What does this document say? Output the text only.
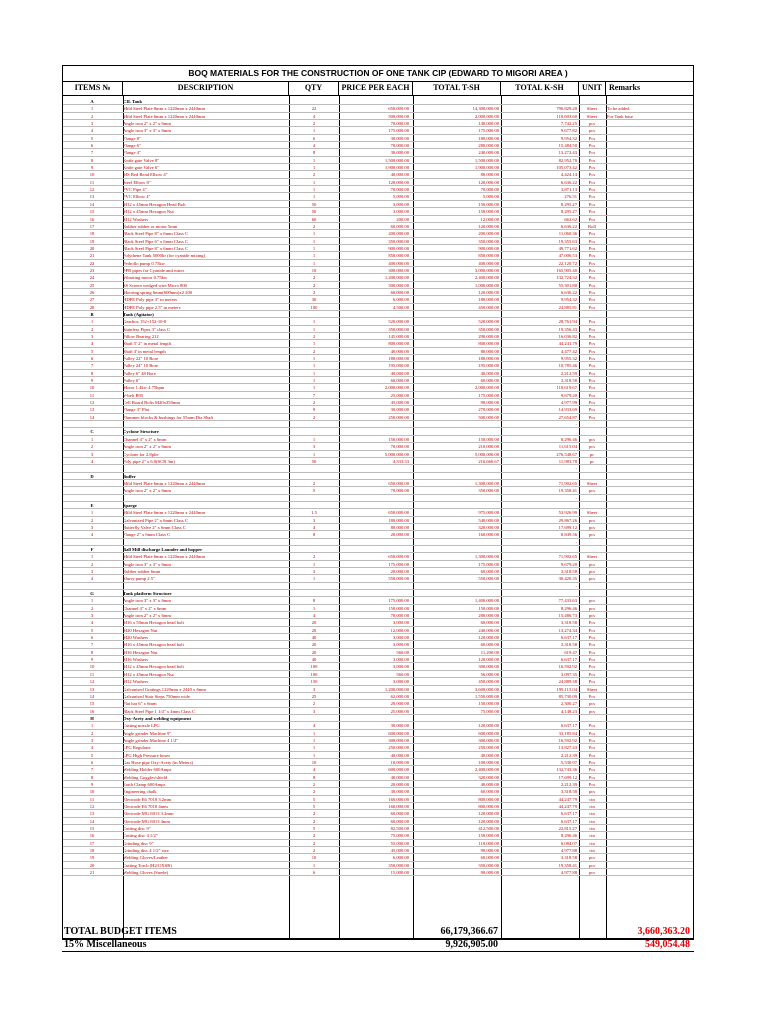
BOQ MATERIALS FOR THE CONSTRUCTION OF ONE TANK CIP (EDWARD TO MIGORI AREA )
ITEMS №	DESCRIPTION	QTY	PRICE PER EACH	TOTAL T-SH	TOTAL K-SH	UNIT Remarks
A	CIL Tank
1	Mild Steel Plate 8mm x 1220mm x 2440mm	22	650,000.00	14,300,000.00	790,829.20	Sheet	To be added
2	Mild Steel Plate 6mm x 1220mm x 2440mm	4	500,000.00	2,000,000.00	110,603.60	Sheet	For Tank base
3	Angle iron 2" x 2" x 6mm	2	70,000.00	140,000.00	7,742.25	pcs
4	Angle iron 3" x 3" x 6mm	1	175,000.00	175,000.00	9,677.82	pcs
5	Flange 8"	6	30,000.00	180,000.00	9,954.32	Pcs
6	Flange 6"	4	70,000.00	280,000.00	15,484.50	Pcs
7	Flange 4"	8	30,000.00	240,000.00	13,272.43	Pcs
8	Knife gate Valve 8"	1	1,500,000.00	1,500,000.00	82,952.70	Pcs
9	Knife gate Valve 6"	1	1,900,000.00	1,900,000.00	105,073.42	Pcs
10	MS Bed Bend Elbow 4"	2	40,000.00	80,000.00	4,424.14	Pcs
11	Steel Elbow 8"	1	120,000.00	120,000.00	6,636.22	Pcs
12	PVC Pipe 4"	1	70,000.00	70,000.00	3,871.13	Pcs
13	PVC Elbow 4"	1	5,000.00	5,000.00	276.51	Pcs
14	M12 x 45mm Hexagon Head Bolt	50	3,000.00	150,000.00	8,295.27	Pcs
15	M12 x 45mm Hexagon Nut	50	3,000.00	150,000.00	8,295.27	Pcs
16	M12 Washers	60	200.00	12,000.00	663.62	Pcs
17	Rubber rubber or motor 5mm	2	60,000.00	120,000.00	6,636.22	Roll
18	Black Steel Pipe 8" x 6mm Class C	1	200,000.00	200,000.00	11,060.36	Pcs
19	Black Steel Pipe 6" x 6mm Class C	1	350,000.00	350,000.00	19,355.63	Pcs
20	Black Steel Pipe 8" x 6mm Class C	1	900,000.00	900,000.00	49,771.62	Pcs
21	Polythene Tank 5000ltr (for cyanide mixing)	1	850,000.00	850,000.00	47,006.53	Pcs
22	Pedrollo pump 0.75kw	1	400,000.00	400,000.00	22,120.72	Pcs
23	PPR pipes for Cyanide and water	10	300,000.00	3,000,000.00	165,905.40	Pcs
24	Vibrating motor 0.75kw	2	1,200,000.00	2,400,000.00	132,724.32	Pcs
25	SS Screen wedged wire Micro 800	2	500,000.00	1,000,000.00	55,301.80	Pcs
26	Mooring spring 6mm(600mm)x2 200	2	60,000.00	120,000.00	6,636.22	Pcs
27	HDPE Poly pipe 3" in meters	30	6,000.00	180,000.00	9,954.32	Pcs
28	HDPE Poly pipe 2.5" in meters	100	4,500.00	450,000.00	24,885.81	Pcs
B	Tank (Agitator)
1	Gearbox 152+152-10-8	1	520,000.00	520,000.00	28,761.94	Pcs
2	Stainless Pipes 3" class C	1	350,000.00	350,000.00	19,356.43	Pcs
3	Pillow Bearing 212	2	145,000.00	290,000.00	16,036.82	Pcs
4	Shaft 5' 2" in metal length	1	800,000.00	800,000.00	44,241.79	Pcs
5	Shaft 3' in metal length	2	40,000.00	80,000.00	4,477.42	Pcs
6	Pulley 22" 10 Bore	1	180,000.00	180,000.00	9,955.32	Pcs
7	Pulley 24" 10 Bore	1	195,000.00	195,000.00	10,785.46	Pcs
8	Pulley 6" 48 Bore	1	40,000.00	40,000.00	2,212.59	Pcs
9	Pulley 6"	1	60,000.00	60,000.00	3,318.58	Pcs
10	Motor 1.4kw 4.75hpm	1	2,000,000.00	2,000,000.00	110,619.67	Pcs
11	V-belt B95	7	25,000.00	175,000.00	9,679.20	Pcs
12	Cell Board Bolts M20x350mm	2	45,000.00	90,000.00	4,977.99	Pcs
13	Flange 3" Plat	9	30,000.00	270,000.00	14,933.69	Pcs
14	Plummer blocks & bushings for 55mm Dia Shaft	2	250,000.00	500,000.00	27,654.87	Pcs
-
C	Cyclone Structure
1	Channel 4" x 2" x 6mm	1	150,000.00	150,000.00	8,296.46	pcs
2	Angle iron 2" x 2" x 6mm	3	70,000.00	210,000.00	11,615.04	pcs
3	Cyclone for 2.8plie	1	5,000,000.00	5,000,000.00	276,548.67	pc
4	Poly pipe 2" x 6.0(SCR 3m)	50	4,333.33	216,666.67	11,983.78	pc
-
D	Buffer
Mild Steel Plate 6mm x 1220mm x 2440mm	2	650,000.00	1,300,000.00	71,902.65	Sheet
Angle iron 2" x 2" x 6mm	5	70,000.00	350,000.00	19,358.41	pcs
-
E	Sparge
1	Mild Steel Plate 6mm x 1220mm x 2440mm	1.5	650,000.00	975,000.00	53,926.99	Sheet
2	Galvanized Pipe 2" x 6mm Class C	3	180,000.00	540,000.00	29,867.26	pcs
3	Butterfly Valve 2" x 6mm Class C	4	80,000.00	320,000.00	17,699.12	pcs
4	Flange 2" x 6mm Class C	8	20,000.00	160,000.00	8,849.56	pcs
-
F	Ball Mill discharge Launder and hopper
1	Mild Steel Plate 6mm x 1220mm x 2440mm	2	650,000.00	1,300,000.00	71,902.65	Sheet
2	Angle iron 3" x 3" x 6mm	1	175,000.00	175,000.00	9,679.20	pcs
3	Rubber rubber 6mm	3	20,000.00	60,000.00	3,318.58	pcs
4	Slurry pump 2.5"	1	550,000.00	550,000.00	30,420.35	pcs
-
G	Tank platform Structure
1	Angle iron 3" x 3" x 6mm	8	175,000.00	1,400,000.00	77,433.63	pcs
2	Channel 4" x 2" x 6mm	1	150,000.00	150,000.00	8,296.46	pcs
3	Angle iron 2" x 2" x 6mm	4	70,000.00	280,000.00	15,486.73	pcs
4	M16 x 50mm Hexagon head bolt	20	3,000.00	60,000.00	3,318.58	Pcs
5	M20 Hexagon Nut	20	12,000.00	240,000.00	13,274.34	Pcs
6	M20 Washers	40	3,000.00	120,000.00	6,637.17	Pcs
7	M16 x 45mm Hexagon head bolt	20	3,000.00	60,000.00	3,318.58	Pcs
8	M16 Hexagon Nut	20	560.00	11,200.00	619.47	Pcs
9	M16 Washers	40	3,000.00	120,000.00	6,637.17	Pcs
10	M12 x 45mm Hexagon head bolt	100	3,000.00	300,000.00	16,592.92	Pcs
11	M12 x 45mm Hexagon Nut	100	560.00	56,000.00	3,097.35	Pcs
12	M12 Washers	150	3,000.00	450,000.00	24,889.38	Pcs
13	Galvanised Gratings 1220mm x 2440 x 6mm	3	1,200,000.00	3,600,000.00	199,115.04	Sheet
14	Galvanised Stair Steps 750mm wide	25	62,000.00	1,550,000.00	85,730.09	Pcs
15	Flat bar 6" x 6mm	2	20,000.00	150,000.00	2,300.27	pcs
16	Black Steel Pipe 1 1/4" x 4mm Class C	3	25,000.00	75,000.00	4,148.23	pcs
H	Oxy-Acety and welding equipment
1	Cutting nozzle LPG	4	30,000.00	120,000.00	6,637.17	Pcs
2	Angle grinder Machine 9"	1	600,000.00	600,000.00	33,185.84	Pcs
3	Angle grinder Machine 4 1/2"	1	300,000.00	300,000.00	16,592.92	Pcs
4	LPG Regulator	1	250,000.00	250,000.00	13,827.43	Pcs
5	LPG High Pressure hoses	1	40,000.00	40,000.00	2,212.39	Pcs
6	Gas Hose pipe Oxy-Acety (in Meters)	10	10,000.00	100,000.00	5,530.97	Pcs
7	Welding Holder 600Amps	4	600,000.00	2,400,000.00	132,743.36	Pcs
8	Welding Goggles/shield	8	40,000.00	320,000.00	17,699.12	Pcs
9	Earth Clamp 600Amps	2	20,000.00	40,000.00	2,212.39	Pcs
10	Engineering chalk	2	30,000.00	60,000.00	3,318.58	pcs
11	Electrode E6 7018 3.2mm	5	160,000.00	800,000.00	44,247.79	ctn
12	Electrode E6 7018 4mm	5	160,000.00	800,000.00	44,247.79	ctn
13	Electrode MG 6013 3.2mm	2	60,000.00	120,000.00	6,637.17	ctn
14	Electrode MG 6013 4mm	2	60,000.00	120,000.00	6,637.17	ctn
15	Cutting disc 9"	5	82,500.00	412,500.00	22,815.27	ctn
16	Cutting disc 4 1/2"	2	75,000.00	150,000.00	8,296.46	ctn
17	Grinding disc 9"	2	55,000.00	110,000.00	6,084.07	ctn
18	Grinding disc 4 1/2" size	2	45,000.00	90,000.00	4,977.88	ctn
19	Welding Gloves/Leather	10	6,000.00	60,000.00	3,318.58	pcs
20	Cutting Torch (H2/OXSR)	1	350,000.00	350,000.00	19,358.41	pcs
21	Welding Gloves (Suede)	6	15,000.00	90,000.00	4,977.88	pcs
TOTAL BUDGET ITEMS	66,179,366.67	3,660,363.20
15% Miscellaneous	9,926,905.00	549,054.48
